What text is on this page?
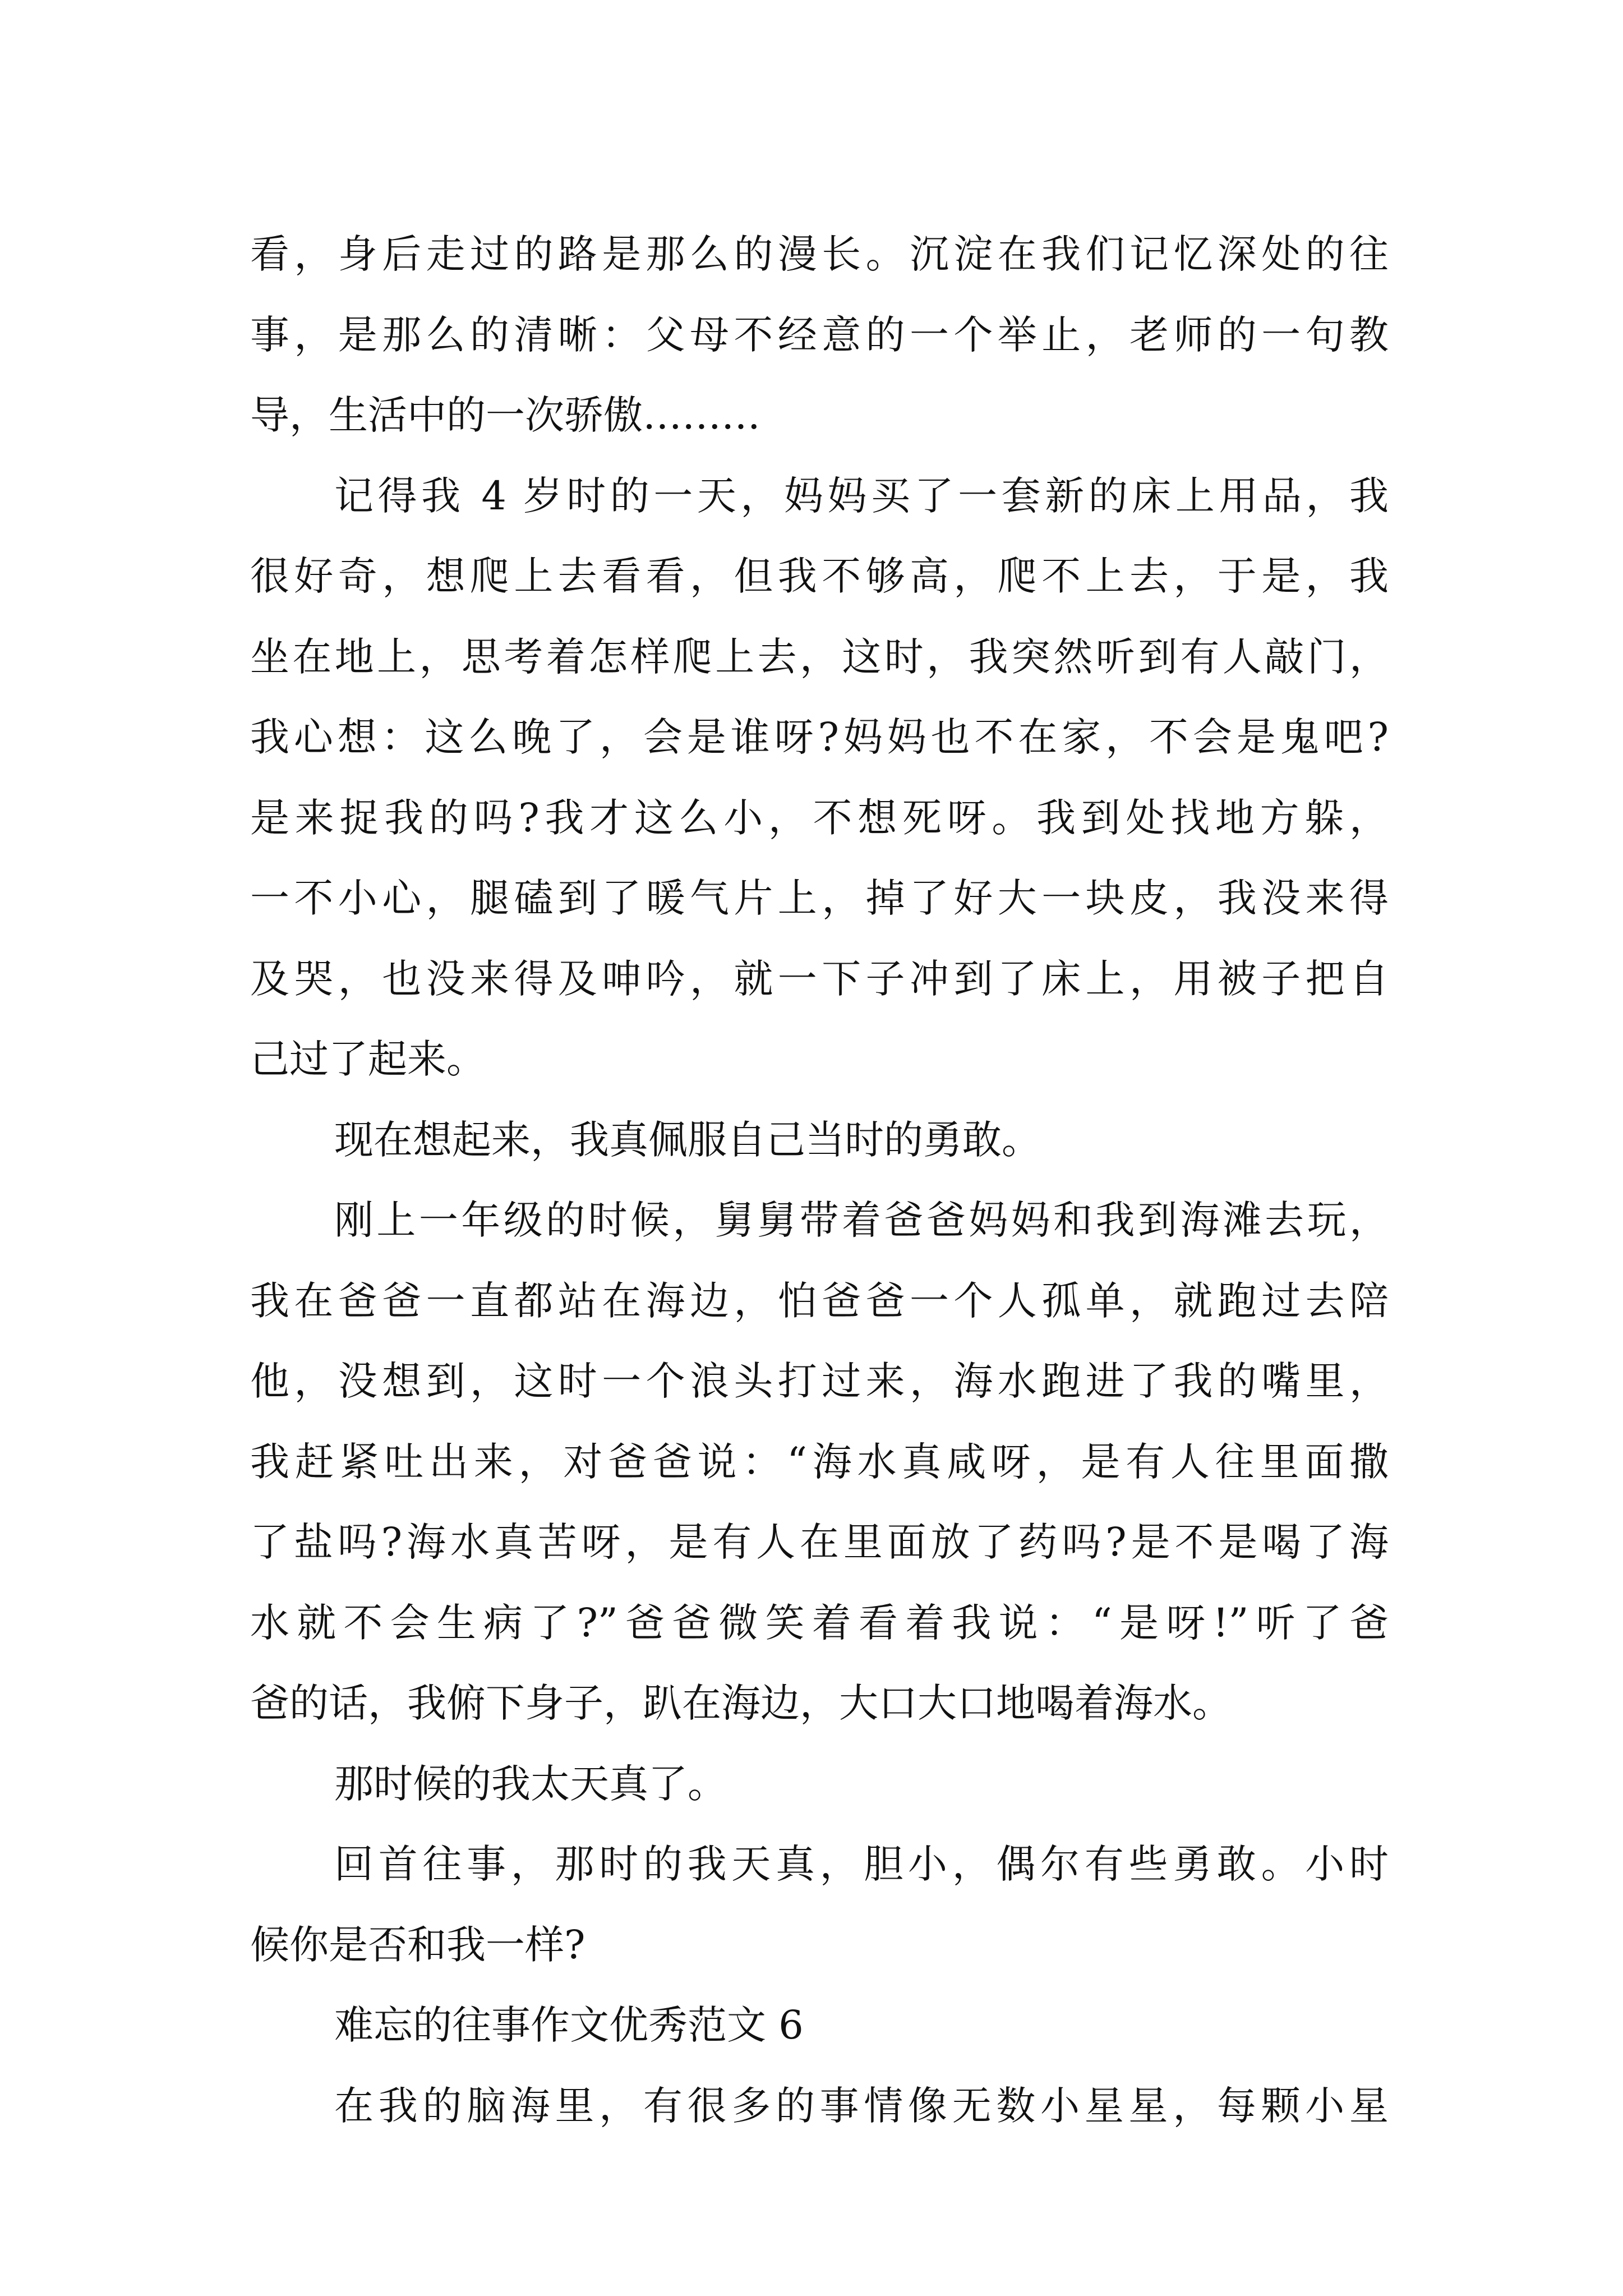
看，身后走过的路是那么的漫长。沉淀在我们记忆深处的往
事，是那么的清晰：父母不经意的一个举止，老师的一句教
导，生活中的一次骄傲………
记得我 4 岁时的一天，妈妈买了一套新的床上用品，我
很好奇，想爬上去看看，但我不够高，爬不上去，于是，我
坐在地上，思考着怎样爬上去，这时，我突然听到有人敲门，
我心想：这么晚了，会是谁呀?妈妈也不在家，不会是鬼吧?
是来捉我的吗?我才这么小，不想死呀。我到处找地方躲，
一不小心，腿磕到了暖气片上，掉了好大一块皮，我没来得
及哭，也没来得及呻吟，就一下子冲到了床上，用被子把自
己过了起来。
现在想起来，我真佩服自己当时的勇敢。
刚上一年级的时候，舅舅带着爸爸妈妈和我到海滩去玩，
我在爸爸一直都站在海边，怕爸爸一个人孤单，就跑过去陪
他，没想到，这时一个浪头打过来，海水跑进了我的嘴里，
我赶紧吐出来，对爸爸说：“海水真咸呀，是有人往里面撒
了盐吗?海水真苦呀，是有人在里面放了药吗?是不是喝了海
水就不会生病了?”爸爸微笑着看着我说：“是呀!”听了爸
爸的话，我俯下身子，趴在海边，大口大口地喝着海水。
那时候的我太天真了。
回首往事，那时的我天真，胆小，偶尔有些勇敢。小时
候你是否和我一样?
难忘的往事作文优秀范文 6
在我的脑海里，有很多的事情像无数小星星，每颗小星
